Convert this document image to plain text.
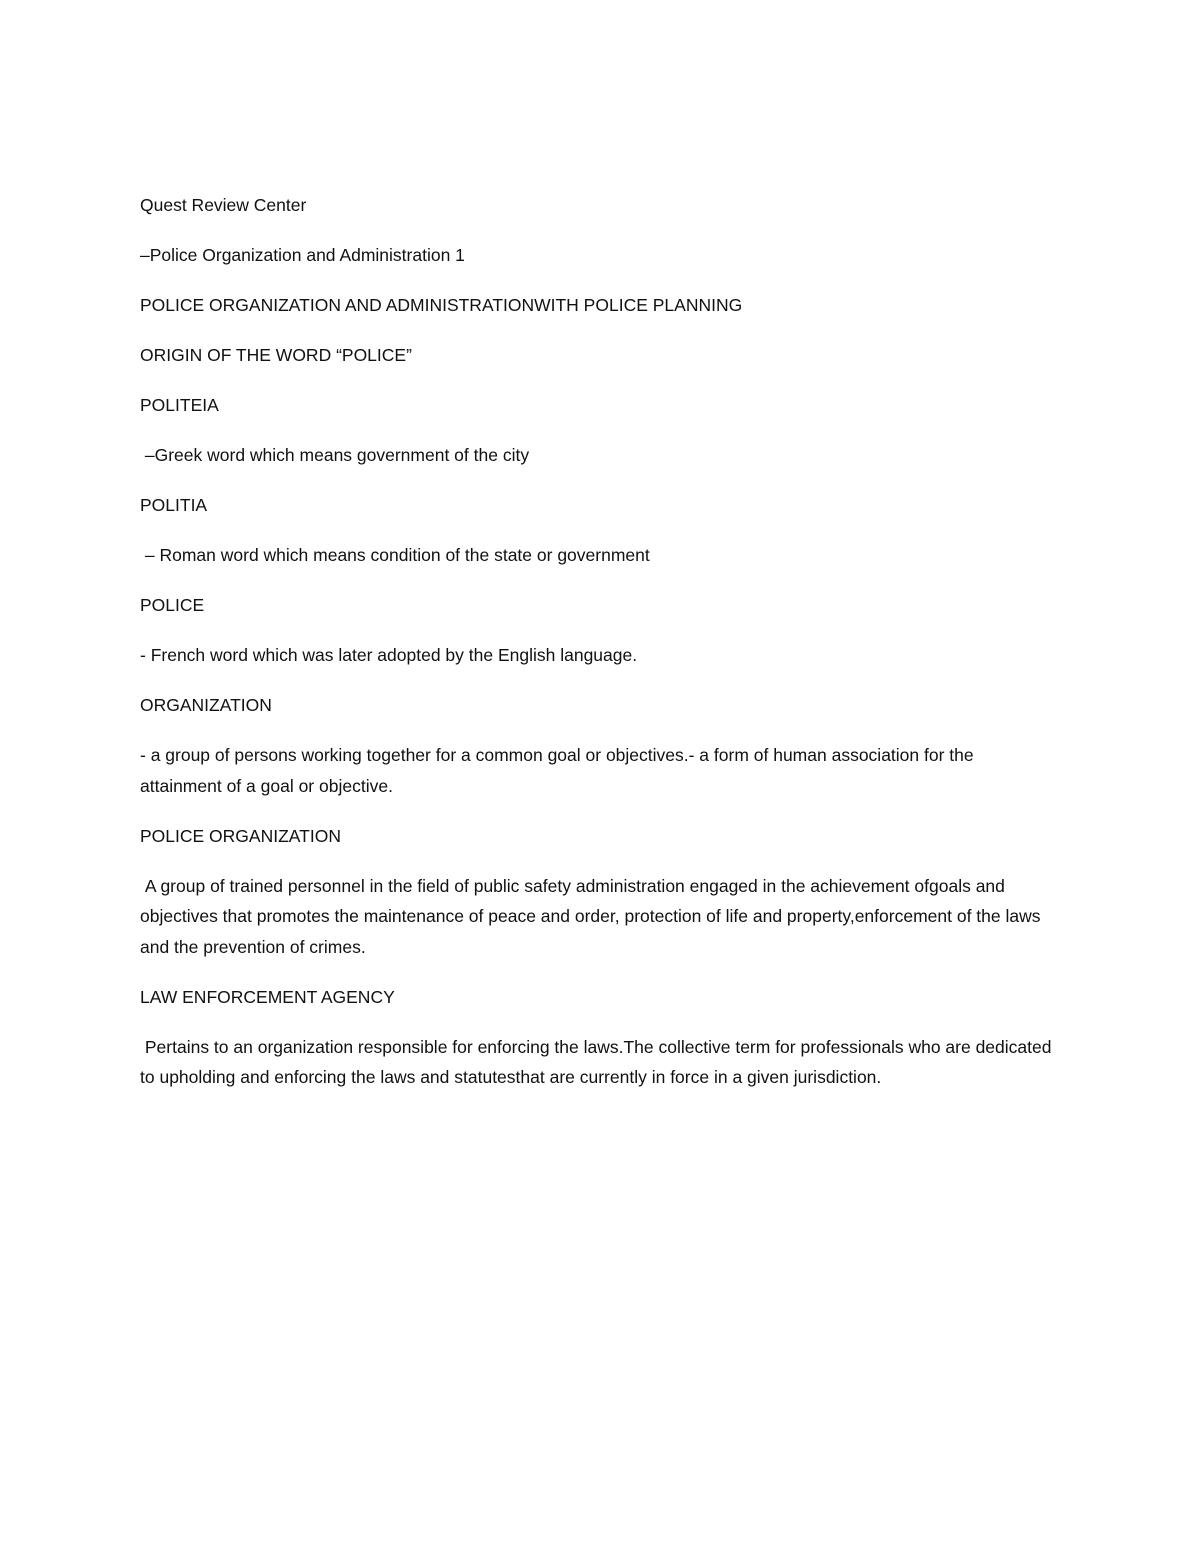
Quest Review Center

–Police Organization and Administration 1

POLICE ORGANIZATION AND ADMINISTRATIONWITH POLICE PLANNING

ORIGIN OF THE WORD “POLICE”

POLITEIA

–Greek word which means government of the city

POLITIA

– Roman word which means condition of the state or government

POLICE

- French word which was later adopted by the English language.

ORGANIZATION

- a group of persons working together for a common goal or objectives.- a form of human association for the attainment of a goal or objective.

POLICE ORGANIZATION

A group of trained personnel in the field of public safety administration engaged in the achievement ofgoals and objectives that promotes the maintenance of peace and order, protection of life and property,enforcement of the laws and the prevention of crimes.

LAW ENFORCEMENT AGENCY

Pertains to an organization responsible for enforcing the laws.The collective term for professionals who are dedicated to upholding and enforcing the laws and statutesthat are currently in force in a given jurisdiction.
